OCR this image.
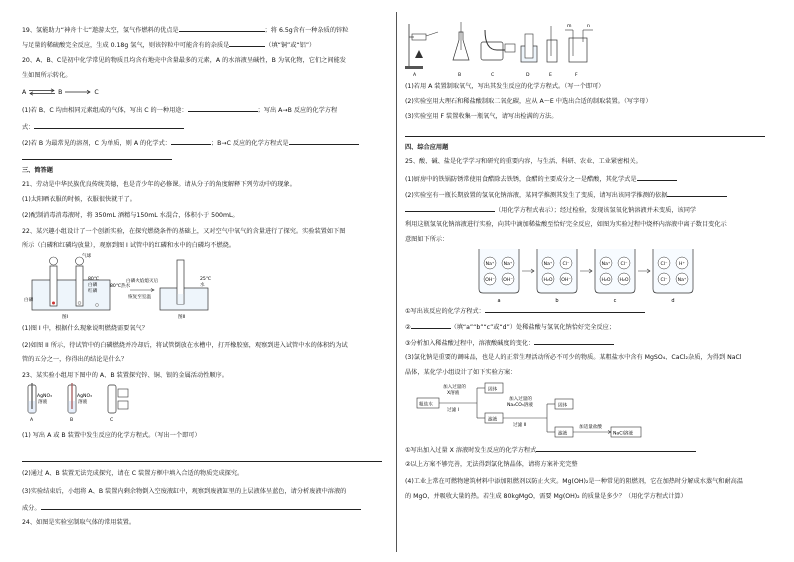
19、氢能助力“神舟十七”遨游太空，氢气作燃料的优点是	；将 6.5g含有一种杂质的锌粒
与足量的稀硫酸完全反应，生成 0.18g 氢气，则该锌粒中可能含有的杂质是	（填“铜”或“铝”）
20、A、B、C是初中化学常见的物质且均含有地壳中含量最多的元素，A 的水溶液呈碱性，B 为氧化物，它们之间能发
生如图所示转化。
A	B	C
(1)若 B、C 均由相同元素组成的气体，写出 C 的一种用途：	；写出 A→B 反应的化学方程
式：
(2)若 B 为最常见的溶剂，C 为单质，则 A 的化学式：	；B→C 反应的化学方程式是
三、简答题
21、劳动是中华民族优良传统美德，也是青少年的必修课。请从分子的角度解释下列劳动中的现象。
(1)太阳晒衣服的时候，衣服很快就干了。
(2)配制消毒消毒液时，将 350mL 酒精与150mL 水混合，体积小于 500mL。
22、某兴趣小组设计了一个创新实验，在探究燃烧条件的基础上，又对空气中氧气的含量进行了探究。实验装置如下图
所示（白磷和红磷均放量），观察到图 I 试管中的红磷和水中的白磷均不燃烧。
气球
80℃
白磷
红磷
白磷
80℃热水
图I
白磷火焰熄灭后
恢复至室温
25℃
水
图II
(1)图 I 中，根据什么现象说明燃烧需要氧气？
(2)如图 II 所示，待试管中的白磷燃烧并冷却后，将试管倒放在水槽中，打开橡胶塞，观察到进入试管中水的体积约为试
管的五分之一，你得出的结论是什么？
23、某实验小组用下图中的 A、B 装置探究锌、铜、银的金属活动性顺序。
A
AgNO₃
溶液
B
AgNO₃
溶液
C
(1) 写出 A 或 B 装置中发生反应的化学方程式。（写出一个即可）
(2)通过 A、B 装置无法完成探究，请在 C 装置方框中填入合适的物质完成探究。
(3)实验结束后，小组将 A、B 装置内剩余物倒入空废液缸中，观察到废液缸里的上层液体呈蓝色，请分析废液中溶液的
成分。
24、如图是实验室制取气体的常用装置。
A	B	C	D	E
m	n
F
(1)若用 A 装置制取氧气，写出其发生反应的化学方程式。（写一个即可）
(2)实验室用大理石和稀盐酸制取二氧化碳，应从 A～E 中选出合适的制取装置。（写字母）
(3)实验室用 F 装置收集一瓶氧气，请写出检满的方法。
四、综合应用题
25、酸、碱、盐是化学学习和研究的重要内容，与生活、科研、农业、工业紧密相关。
(1)厨房中的铁锅防锈常使用食醋除去铁锈，食醋的主要成分之一是醋酸，其化学式是
(2)实验室有一瓶长期放置的氢氧化钠溶液，某同学推测其发生了变质，请写出该同学推测的依据
（用化学方程式表示）；经过检验，发现该氢氧化钠溶液并未变质，该同学
利用这瓶氢氧化钠溶液进行实验，向其中滴加稀盐酸至恰好完全反应，如图为实验过程中烧杯内溶液中离子数目变化示
意图如下所示：
Na⁺ Na⁺
OH⁻ OH⁻
a
Na⁺ Cl⁻
H₂O OH⁻
b
Na⁺ Cl⁻
H₂O H₂O
c
Cl⁻	H⁺
Cl⁻ Na⁺
d
①写出该反应的化学方程式：
②	（填“a”“b”“c”或“d”）处稀盐酸与氢氧化钠恰好完全反应；
③分析加入稀盐酸过程中，溶液酸碱度的变化：
(3)氯化钠是重要的调味品，也是人的正常生理活动所必不可少的物质。某粗盐水中含有 MgSO₄、CaCl₂杂质，为得到 NaCl
晶体，某化学小组设计了如下实验方案：
粗盐水
加入过量的
X溶液
过滤 I
固体
滤液
加入过量的
Na₂CO₃溶液
过滤 II
固体
滤液
加适量盐酸
NaCl溶液
①写出加入过量 X 溶液时发生反应的化学方程式
②以上方案不够完善，无法得到氯化钠晶体，请将方案补充完整
(4)工业上常在可燃物建筑材料中添加阻燃剂以防止火灾。Mg(OH)₂是一种常见的阻燃剂，它在加热时分解成水蒸气和耐高温
的 MgO，并吸收大量的热。若生成 80kgMgO，需要 Mg(OH)₂ 的质量是多少？（用化学方程式计算）
